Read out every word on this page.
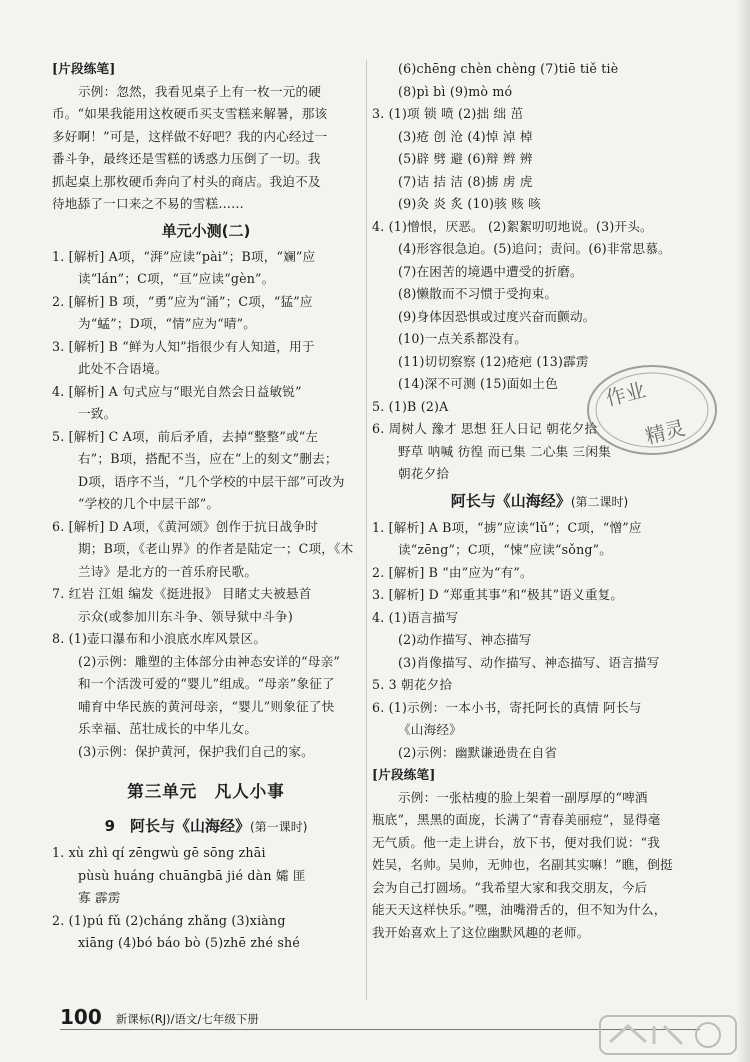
[片段练笔]
示例：忽然，我看见桌子上有一枚一元的硬
币。“如果我能用这枚硬币买支雪糕来解暑，那该
多好啊！”可是，这样做不好吧？我的内心经过一
番斗争，最终还是雪糕的诱惑力压倒了一切。我
抓起桌上那枚硬币奔向了村头的商店。我迫不及
待地舔了一口来之不易的雪糕……
单元小测(二)
1. [解析] A项，“湃”应读“pài”；B项，“斓”应
读“lán”；C项，“亘”应读“gèn”。
2. [解析] B 项，“勇”应为“涌”；C项，“猛”应
为“蜢”；D项，“情”应为“晴”。
3. [解析] B “鲜为人知”指很少有人知道，用于
此处不合语境。
4. [解析] A 句式应与“眼光自然会日益敏锐”
一致。
5. [解析] C A项，前后矛盾，去掉“整整”或“左
右”；B项，搭配不当，应在“上的刻文”删去；
D项，语序不当，“几个学校的中层干部”可改为
“学校的几个中层干部”。
6. [解析] D A项，《黄河颂》创作于抗日战争时
期；B项，《老山界》的作者是陆定一；C项，《木
兰诗》是北方的一首乐府民歌。
7. 红岩 江姐 编发《挺进报》 目睹丈夫被悬首
示众(或参加川东斗争、领导狱中斗争)
8. (1)壶口瀑布和小浪底水库风景区。
(2)示例：雕塑的主体部分由神态安详的“母亲”
和一个活泼可爱的“婴儿”组成。“母亲”象征了
哺育中华民族的黄河母亲，“婴儿”则象征了快
乐幸福、茁壮成长的中华儿女。
(3)示例：保护黄河，保护我们自己的家。
第三单元　凡人小事
9　阿长与《山海经》(第一课时)
1. xù zhì qí zēngwù gē sōng zhāi
pùsù huáng chuāngbā jié dàn 孀 匪
寡 霹雳
2. (1)pú fǔ (2)cháng zhǎng (3)xiàng
xiāng (4)bó báo bò (5)zhē zhé shé
(6)chēng chèn chèng (7)tiē tiě tiè
(8)pì bì (9)mò mó
3. (1)项 锁 喷 (2)拙 绌 茁
(3)疮 创 沧 (4)悼 淖 棹
(5)辟 劈 避 (6)辩 辫 辨
(7)诘 拮 洁 (8)掳 虏 虎
(9)灸 炎 炙 (10)骇 赅 咳
4. (1)憎恨，厌恶。 (2)絮絮叨叨地说。(3)开头。
(4)形容很急迫。(5)追问；责问。(6)非常思慕。
(7)在困苦的境遇中遭受的折磨。
(8)懒散而不习惯于受拘束。
(9)身体因恐惧或过度兴奋而颤动。
(10)一点关系都没有。
(11)切切察察 (12)疮疤 (13)霹雳
(14)深不可测 (15)面如土色
5. (1)B (2)A
6. 周树人 豫才 思想 狂人日记 朝花夕拾
野草 呐喊 彷徨 而已集 二心集 三闲集
朝花夕拾
阿长与《山海经》(第二课时)
1. [解析] A B项，“掳”应读“lǔ”；C项，“憎”应
读“zēng”；C项，“悚”应读“sǒng”。
2. [解析] B “由”应为“有”。
3. [解析] D “郑重其事”和“极其”语义重复。
4. (1)语言描写
(2)动作描写、神态描写
(3)肖像描写、动作描写、神态描写、语言描写
5. 3 朝花夕拾
6. (1)示例：一本小书，寄托阿长的真情 阿长与
《山海经》
(2)示例：幽默谦逊贵在自省
[片段练笔]
示例：一张枯瘦的脸上架着一副厚厚的“啤酒
瓶底”，黑黑的面庞，长满了“青春美丽痘”，显得毫
无气质。他一走上讲台，放下书，便对我们说：“我
姓吴，名帅。吴帅，无帅也，名副其实嘛！”瞧，倒挺
会为自己打圆场。“我希望大家和我交朋友，今后
能天天这样快乐。”嘿，油嘴滑舌的，但不知为什么，
我开始喜欢上了这位幽默风趣的老师。
作业
精灵
100 新课标(RJ)/语文/七年级下册
